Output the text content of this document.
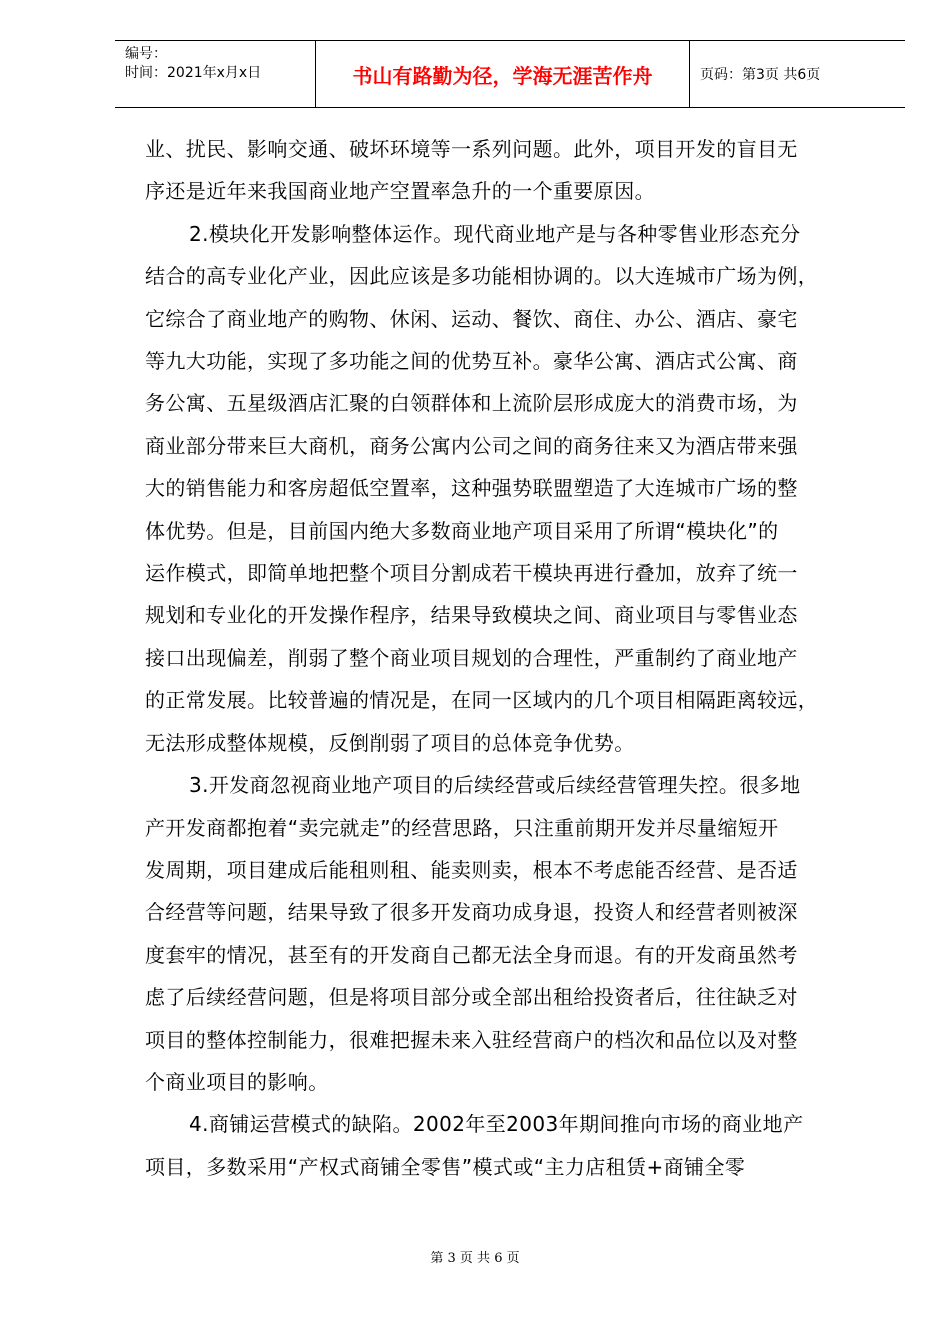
编号：
时间：2021年x月x日	书山有路勤为径，学海无涯苦作舟	页码：第3页 共6页

业、扰民、影响交通、破坏环境等一系列问题。此外，项目开发的盲目无

序还是近年来我国商业地产空置率急升的一个重要原因。

2.模块化开发影响整体运作。现代商业地产是与各种零售业形态充分

结合的高专业化产业，因此应该是多功能相协调的。以大连城市广场为例，

它综合了商业地产的购物、休闲、运动、餐饮、商住、办公、酒店、豪宅

等九大功能，实现了多功能之间的优势互补。豪华公寓、酒店式公寓、商

务公寓、五星级酒店汇聚的白领群体和上流阶层形成庞大的消费市场，为

商业部分带来巨大商机，商务公寓内公司之间的商务往来又为酒店带来强

大的销售能力和客房超低空置率，这种强势联盟塑造了大连城市广场的整

体优势。但是，目前国内绝大多数商业地产项目采用了所谓“模块化”的

运作模式，即简单地把整个项目分割成若干模块再进行叠加，放弃了统一

规划和专业化的开发操作程序，结果导致模块之间、商业项目与零售业态

接口出现偏差，削弱了整个商业项目规划的合理性，严重制约了商业地产

的正常发展。比较普遍的情况是，在同一区域内的几个项目相隔距离较远，

无法形成整体规模，反倒削弱了项目的总体竞争优势。

3.开发商忽视商业地产项目的后续经营或后续经营管理失控。很多地

产开发商都抱着“卖完就走”的经营思路，只注重前期开发并尽量缩短开

发周期，项目建成后能租则租、能卖则卖，根本不考虑能否经营、是否适

合经营等问题，结果导致了很多开发商功成身退，投资人和经营者则被深

度套牢的情况，甚至有的开发商自己都无法全身而退。有的开发商虽然考

虑了后续经营问题，但是将项目部分或全部出租给投资者后，往往缺乏对

项目的整体控制能力，很难把握未来入驻经营商户的档次和品位以及对整

个商业项目的影响。

4.商铺运营模式的缺陷。2002年至2003年期间推向市场的商业地产

项目，多数采用“产权式商铺全零售”模式或“主力店租赁+商铺全零

第 3 页 共 6 页
